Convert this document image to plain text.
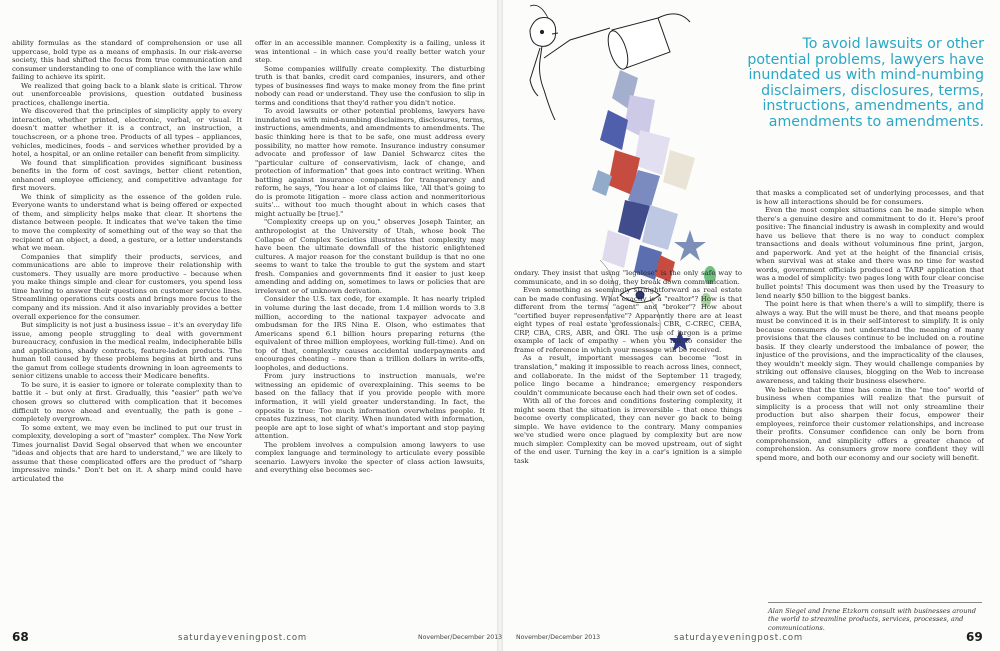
ability formulas as the standard of comprehension or use all uppercase, bold type as a means of emphasis. In our risk-averse society, this had shifted the focus from true communication and consumer understanding to one of compliance with the law while failing to achieve its spirit.

We realized that going back to a blank slate is critical. Throw out unenforceable provisions, question outdated business practices, challenge inertia.

We discovered that the principles of simplicity apply to every interaction, whether printed, electronic, verbal, or visual. It doesn't matter whether it is a contract, an instruction, a touchscreen, or a phone tree. Products of all types – appliances, vehicles, medicines, foods – and services whether provided by a hotel, a hospital, or an online retailer can benefit from simplicity.

We found that simplification provides significant business benefits in the form of cost savings, better client retention, enhanced employee efficiency, and competitive advantage for first movers.

We think of simplicity as the essence of the golden rule. Everyone wants to understand what is being offered or expected of them, and simplicity helps make that clear. It shortens the distance between people. It indicates that we've taken the time to move the complexity of something out of the way so that the recipient of an object, a deed, a gesture, or a letter understands what we mean.

Companies that simplify their products, services, and communications are able to improve their relationship with customers. They usually are more productive – because when you make things simple and clear for customers, you spend less time having to answer their questions on customer service lines. Streamlining operations cuts costs and brings more focus to the company and its mission. And it also invariably provides a better overall experience for the consumer.

But simplicity is not just a business issue – it's an everyday life issue, among people struggling to deal with government bureaucracy, confusion in the medical realm, indecipherable bills and applications, shady contracts, feature-laden products. The human toll caused by these problems begins at birth and runs the gamut from college students drowning in loan agreements to senior citizens unable to access their Medicare benefits.

To be sure, it is easier to ignore or tolerate complexity than to battle it – but only at first. Gradually, this "easier" path we've chosen grows so cluttered with complication that it becomes difficult to move ahead and eventually, the path is gone – completely overgrown.

To some extent, we may even be inclined to put our trust in complexity, developing a sort of "master" complex. The New York Times journalist David Segal observed that when we encounter "ideas and objects that are hard to understand," we are likely to assume that these complicated offers are the product of "sharp impressive minds." Don't bet on it. A sharp mind could have articulated the

offer in an accessible manner. Complexity is a failing, unless it was intentional – in which case you'd really better watch your step.

Some companies willfully create complexity. The disturbing truth is that banks, credit card companies, insurers, and other types of businesses find ways to make money from the fine print nobody can read or understand. They use the confusion to slip in terms and conditions that they'd rather you didn't notice.

To avoid lawsuits or other potential problems, lawyers have inundated us with mind-numbing disclaimers, disclosures, terms, instructions, amendments, and amendments to amendments. The basic thinking here is that to be safe, one must address every possibility, no matter how remote. Insurance industry consumer advocate and professor of law Daniel Schwarcz cites the "particular culture of conservativism, lack of change, and protection of information" that goes into contract writing. When battling against insurance companies for transparency and reform, he says, "You hear a lot of claims like, 'All that's going to do is promote litigation – more class action and nonmeritorious suits'... without too much thought about in which cases that might actually be [true]."

"Complexity creeps up on you," observes Joseph Tainter, an anthropologist at the University of Utah, whose book The Collapse of Complex Societies illustrates that complexity may have been the ultimate downfall of the historic enlightened cultures. A major reason for the constant buildup is that no one seems to want to take the trouble to gut the system and start fresh. Companies and governments find it easier to just keep amending and adding on, sometimes to laws or policies that are irrelevant or of unknown derivation.

Consider the U.S. tax code, for example. It has nearly tripled in volume during the last decade, from 1.4 million words to 3.8 million, according to the national taxpayer advocate and ombudsman for the IRS Nina E. Olson, who estimates that Americans spend 6.1 billion hours preparing returns (the equivalent of three million employees, working full-time). And on top of that, complexity causes accidental underpayments and encourages cheating – more than a trillion dollars in write-offs, loopholes, and deductions.

From jury instructions to instruction manuals, we're witnessing an epidemic of overexplaining. This seems to be based on the fallacy that if you provide people with more information, it will yield greater understanding. In fact, the opposite is true: Too much information overwhelms people. It creates fuzziness, not clarity. When inundated with information, people are apt to lose sight of what's important and stop paying attention.

The problem involves a compulsion among lawyers to use complex language and terminology to articulate every possible scenario. Lawyers invoke the specter of class action lawsuits, and everything else becomes sec-

To avoid lawsuits or other potential problems, lawyers have inundated us with mind-numbing disclaimers, disclosures, terms, instructions, amendments, and amendments to amendments.

ondary. They insist that using "legalese" is the only safe way to communicate, and in so doing, they break down communication.

Even something as seemingly straightforward as real estate can be made confusing. What exactly is a "realtor"? How is that different from the terms "agent" and "broker"? How about "certified buyer representative"? Apparently there are at least eight types of real estate professionals: CBR, C-CREC, CEBA, CRP, CBA, CRS, ABR, and GRI. The use of jargon is a prime example of lack of empathy – when you fail to consider the frame of reference in which your message will be received.

As a result, important messages can become "lost in translation," making it impossible to reach across lines, connect, and collaborate. In the midst of the September 11 tragedy, police lingo became a hindrance; emergency responders couldn't communicate because each had their own set of codes.

With all of the forces and conditions fostering complexity, it might seem that the situation is irreversible – that once things become overly complicated, they can never go back to being simple. We have evidence to the contrary. Many companies we've studied were once plagued by complexity but are now much simpler. Complexity can be moved upstream, out of sight of the end user. Turning the key in a car's ignition is a simple task

that masks a complicated set of underlying processes, and that is how all interactions should be for consumers.

Even the most complex situations can be made simple when there's a genuine desire and commitment to do it. Here's proof positive: The financial industry is awash in complexity and would have us believe that there is no way to conduct complex transactions and deals without voluminous fine print, jargon, and paperwork. And yet at the height of the financial crisis, when survival was at stake and there was no time for wasted words, government officials produced a TARP application that was a model of simplicity: two pages long with four clear concise bullet points! This document was then used by the Treasury to lend nearly $50 billion to the biggest banks.

The point here is that when there's a will to simplify, there is always a way. But the will must be there, and that means people must be convinced it is in their self-interest to simplify. It is only because consumers do not understand the meaning of many provisions that the clauses continue to be included on a routine basis. If they clearly understood the imbalance of power, the injustice of the provisions, and the impracticality of the clauses, they wouldn't meekly sign. They would challenge companies by striking out offensive clauses, blogging on the Web to increase awareness, and taking their business elsewhere.

We believe that the time has come in the "me too" world of business when companies will realize that the pursuit of simplicity is a process that will not only streamline their production but also sharpen their focus, empower their employees, reinforce their customer relationships, and increase their profits. Consumer confidence can only be born from comprehension, and simplicity offers a greater chance of comprehension. As consumers grow more confident they will spend more, and both our economy and our society will benefit.

Alan Siegel and Irene Etzkorn consult with businesses around the world to streamline products, services, processes, and communications.
68	saturdayeveningpost.com	November/December 2013 November/December 2013	saturdayeveningpost.com	69
